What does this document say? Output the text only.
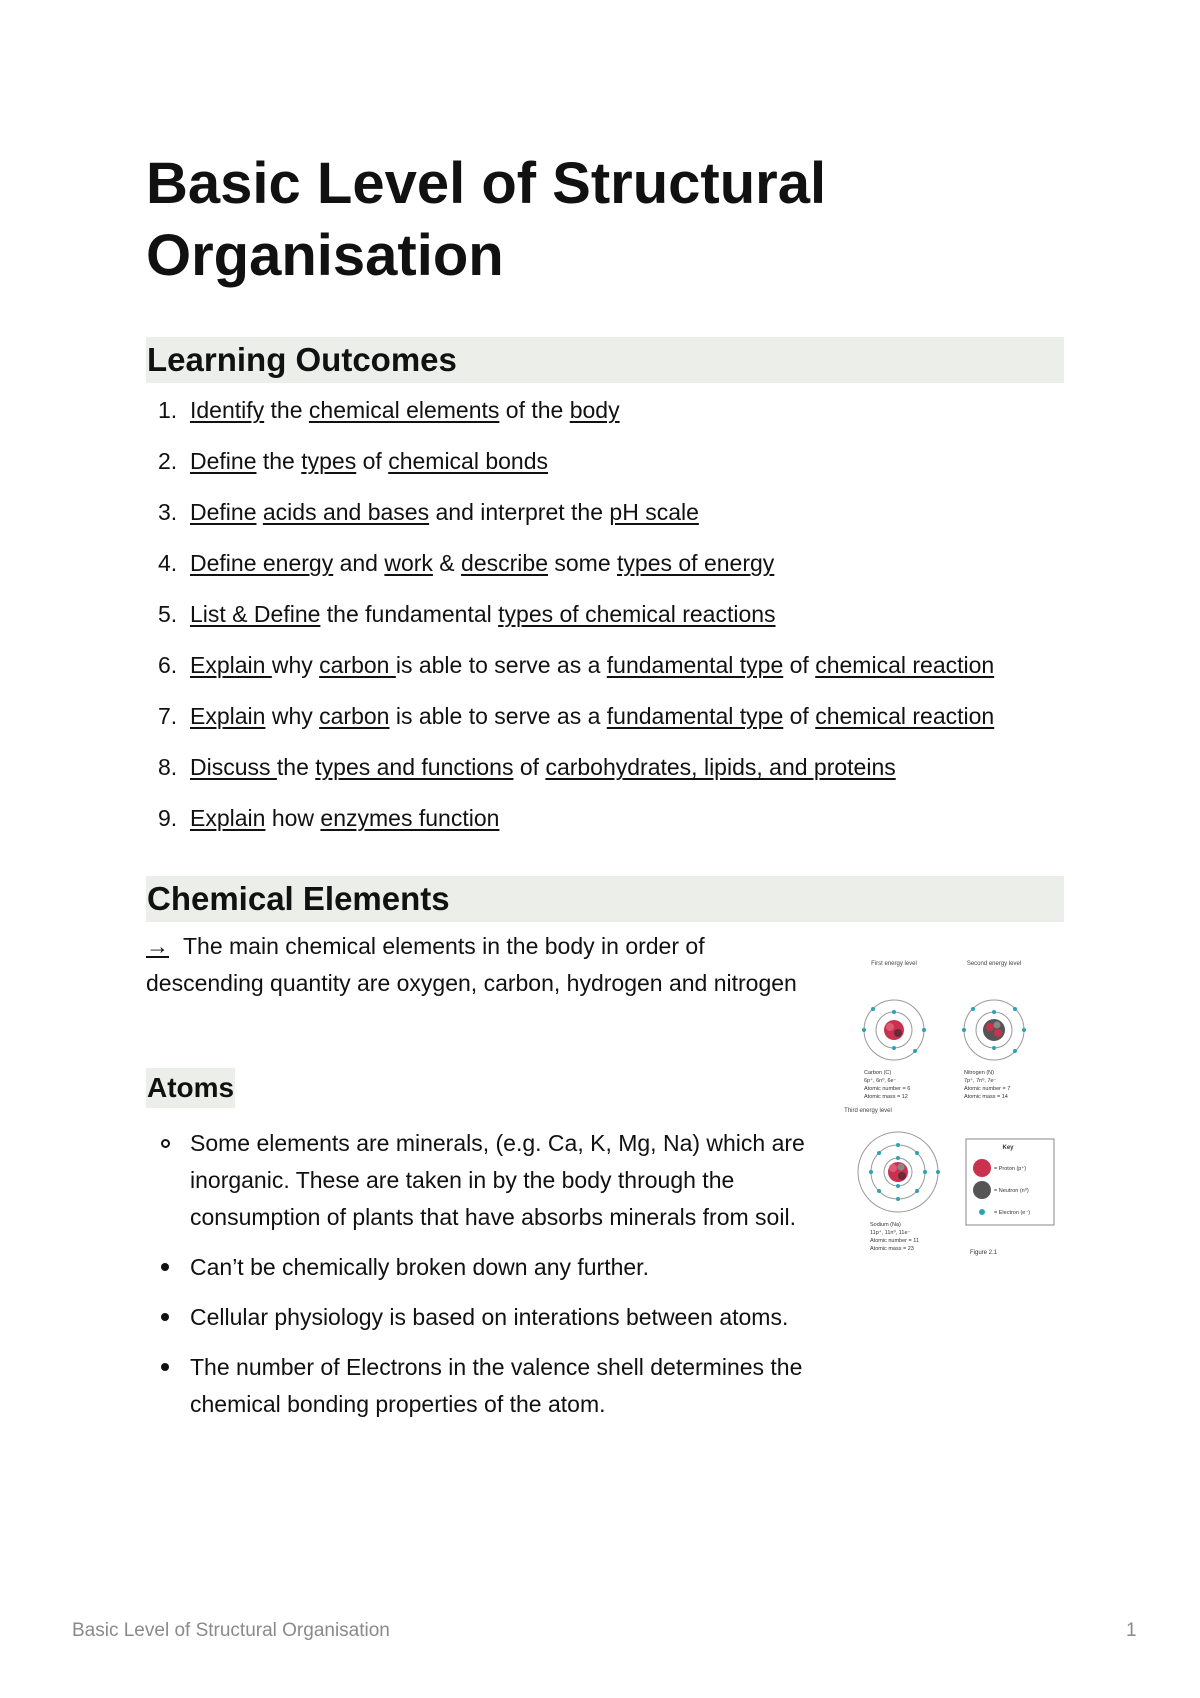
Basic Level of Structural Organisation
Learning Outcomes
1. Identify the chemical elements of the body
2. Define the types of chemical bonds
3. Define acids and bases and interpret the pH scale
4. Define energy and work & describe some types of energy
5. List & Define the fundamental types of chemical reactions
6. Explain why carbon is able to serve as a fundamental type of chemical reaction
7. Explain why carbon is able to serve as a fundamental type of chemical reaction
8. Discuss the types and functions of carbohydrates, lipids, and proteins
9. Explain how enzymes function
Chemical Elements
→ The main chemical elements in the body in order of descending quantity are oxygen, carbon, hydrogen and nitrogen
Atoms
Some elements are minerals, (e.g. Ca, K, Mg, Na) which are inorganic. These are taken in by the body through the consumption of plants that have absorbs minerals from soil.
Can’t be chemically broken down any further.
Cellular physiology is based on interations between atoms.
The number of Electrons in the valence shell determines the chemical bonding properties of the atom.
First energy level	Second energy level
Third energy level
Carbon (C)
6p⁺, 6n⁰, 6e⁻
Atomic number = 6
Atomic mass = 12
Nitrogen (N)
7p⁺, 7n⁰, 7e⁻
Atomic number = 7
Atomic mass = 14
Sodium (Na)
11p⁺, 11n⁰, 11e⁻
Atomic number = 11
Atomic mass = 23
Key
= Proton (p⁺)
= Neutron (n⁰)
= Electron (e⁻)
Figure 2.1
Basic Level of Structural Organisation	1
